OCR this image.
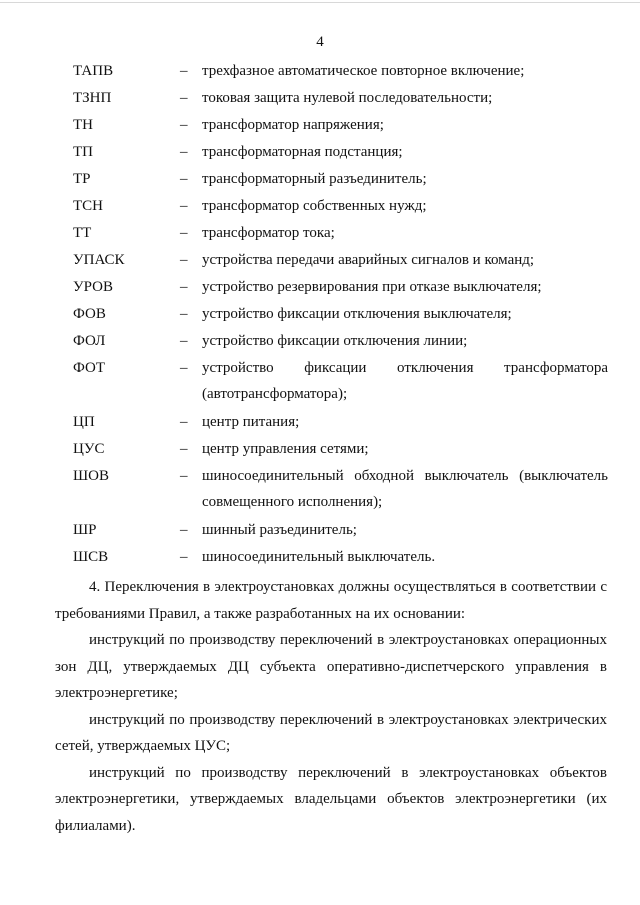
4
ТАПВ	– трехфазное автоматическое повторное включение;
ТЗНП	– токовая защита нулевой последовательности;
ТН	– трансформатор напряжения;
ТП	– трансформаторная подстанция;
ТР	– трансформаторный разъединитель;
ТСН	– трансформатор собственных нужд;
ТТ	– трансформатор тока;
УПАСК	– устройства передачи аварийных сигналов и команд;
УРОВ	– устройство резервирования при отказе выключателя;
ФОВ	– устройство фиксации отключения выключателя;
ФОЛ	– устройство фиксации отключения линии;
ФОТ	– устройство фиксации отключения трансформатора (автотрансформатора);
ЦП	– центр питания;
ЦУС	– центр управления сетями;
ШОВ	– шиносоединительный обходной выключатель (выключатель совмещенного исполнения);
ШР	– шинный разъединитель;
ШСВ	– шиносоединительный выключатель.

4. Переключения в электроустановках должны осуществляться в соответствии с требованиями Правил, а также разработанных на их основании:

инструкций по производству переключений в электроустановках операционных зон ДЦ, утверждаемых ДЦ субъекта оперативно-диспетчерского управления в электроэнергетике;

инструкций по производству переключений в электроустановках электрических сетей, утверждаемых ЦУС;

инструкций по производству переключений в электроустановках объектов электроэнергетики, утверждаемых владельцами объектов электроэнергетики (их филиалами).
